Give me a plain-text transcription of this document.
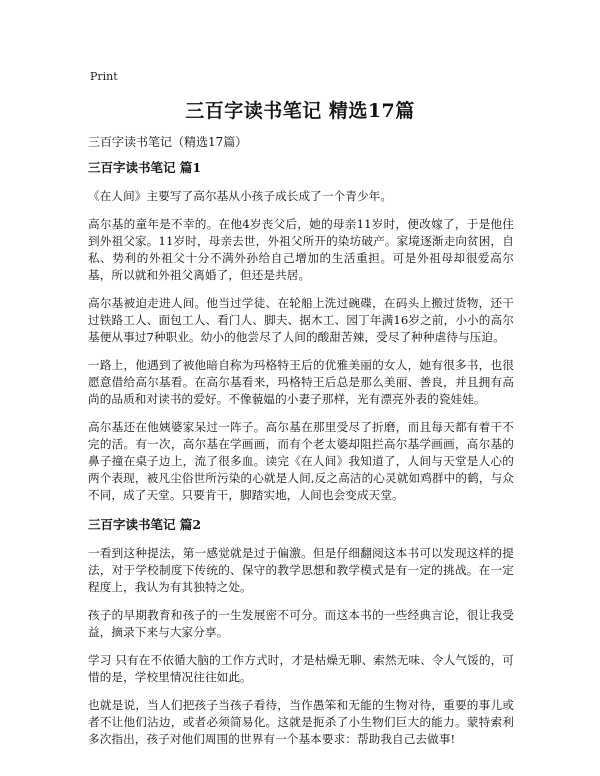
Print
三百字读书笔记 精选17篇
三百字读书笔记（精选17篇）
三百字读书笔记 篇1

《在人间》主要写了高尔基从小孩子成长成了一个青少年。

高尔基的童年是不幸的。在他4岁丧父后，她的母亲11岁时，便改嫁了，于是他住到外祖父家。11岁时，母亲去世，外祖父所开的染坊破产。家境逐渐走向贫困，自私、势利的外祖父十分不满外孙给自己增加的生活重担。可是外祖母却很爱高尔基，所以就和外祖父离婚了，但还是共居。

高尔基被迫走进人间。他当过学徒、在轮船上洗过碗碟，在码头上搬过货物，还干过铁路工人、面包工人、看门人、脚夫、据木工、园丁年满16岁之前，小小的高尔基便从事过7种职业。幼小的他尝尽了人间的酸甜苦辣，受尽了种种虐待与压迫。

一路上，他遇到了被他暗自称为玛格特王后的优雅美丽的女人，她有很多书，也很愿意借给高尔基看。在高尔基看来，玛格特王后总是那么美丽、善良，并且拥有高尚的品质和对读书的爱好。不像藐媪的小妻子那样，光有漂亮外表的瓷娃娃。

高尔基还在他姨婆家呆过一阵子。高尔基在那里受尽了折磨，而且每天都有着干不完的活。有一次，高尔基在学画画，而有个老太婆却阻拦高尔基学画画，高尔基的鼻子撞在桌子边上，流了很多血。读完《在人间》我知道了，人间与天堂是人心的两个表现，被凡尘俗世所污染的心就是人间,反之高洁的心灵就如鸡群中的鹤，与众不同，成了天堂。只要肯干，脚踏实地，人间也会变成天堂。

三百字读书笔记 篇2

一看到这种提法，第一感觉就是过于偏激。但是仔细翻阅这本书可以发现这样的提法，对于学校制度下传统的、保守的教学思想和教学模式是有一定的挑战。在一定程度上，我认为有其独特之处。

孩子的早期教育和孩子的一生发展密不可分。而这本书的一些经典言论，很让我受益，摘录下来与大家分享。

学习 只有在不依循大脑的工作方式时，才是枯燥无聊、索然无味、令人气馁的，可惜的是，学校里情况往往如此。

也就是说，当人们把孩子当孩子看待，当作愚笨和无能的生物对待，重要的事儿或者不让他们沾边，或者必须简易化。这就是扼杀了小生物们巨大的能力。蒙特索利多次指出，孩子对他们周围的世界有一个基本要求：帮助我自己去做事!
